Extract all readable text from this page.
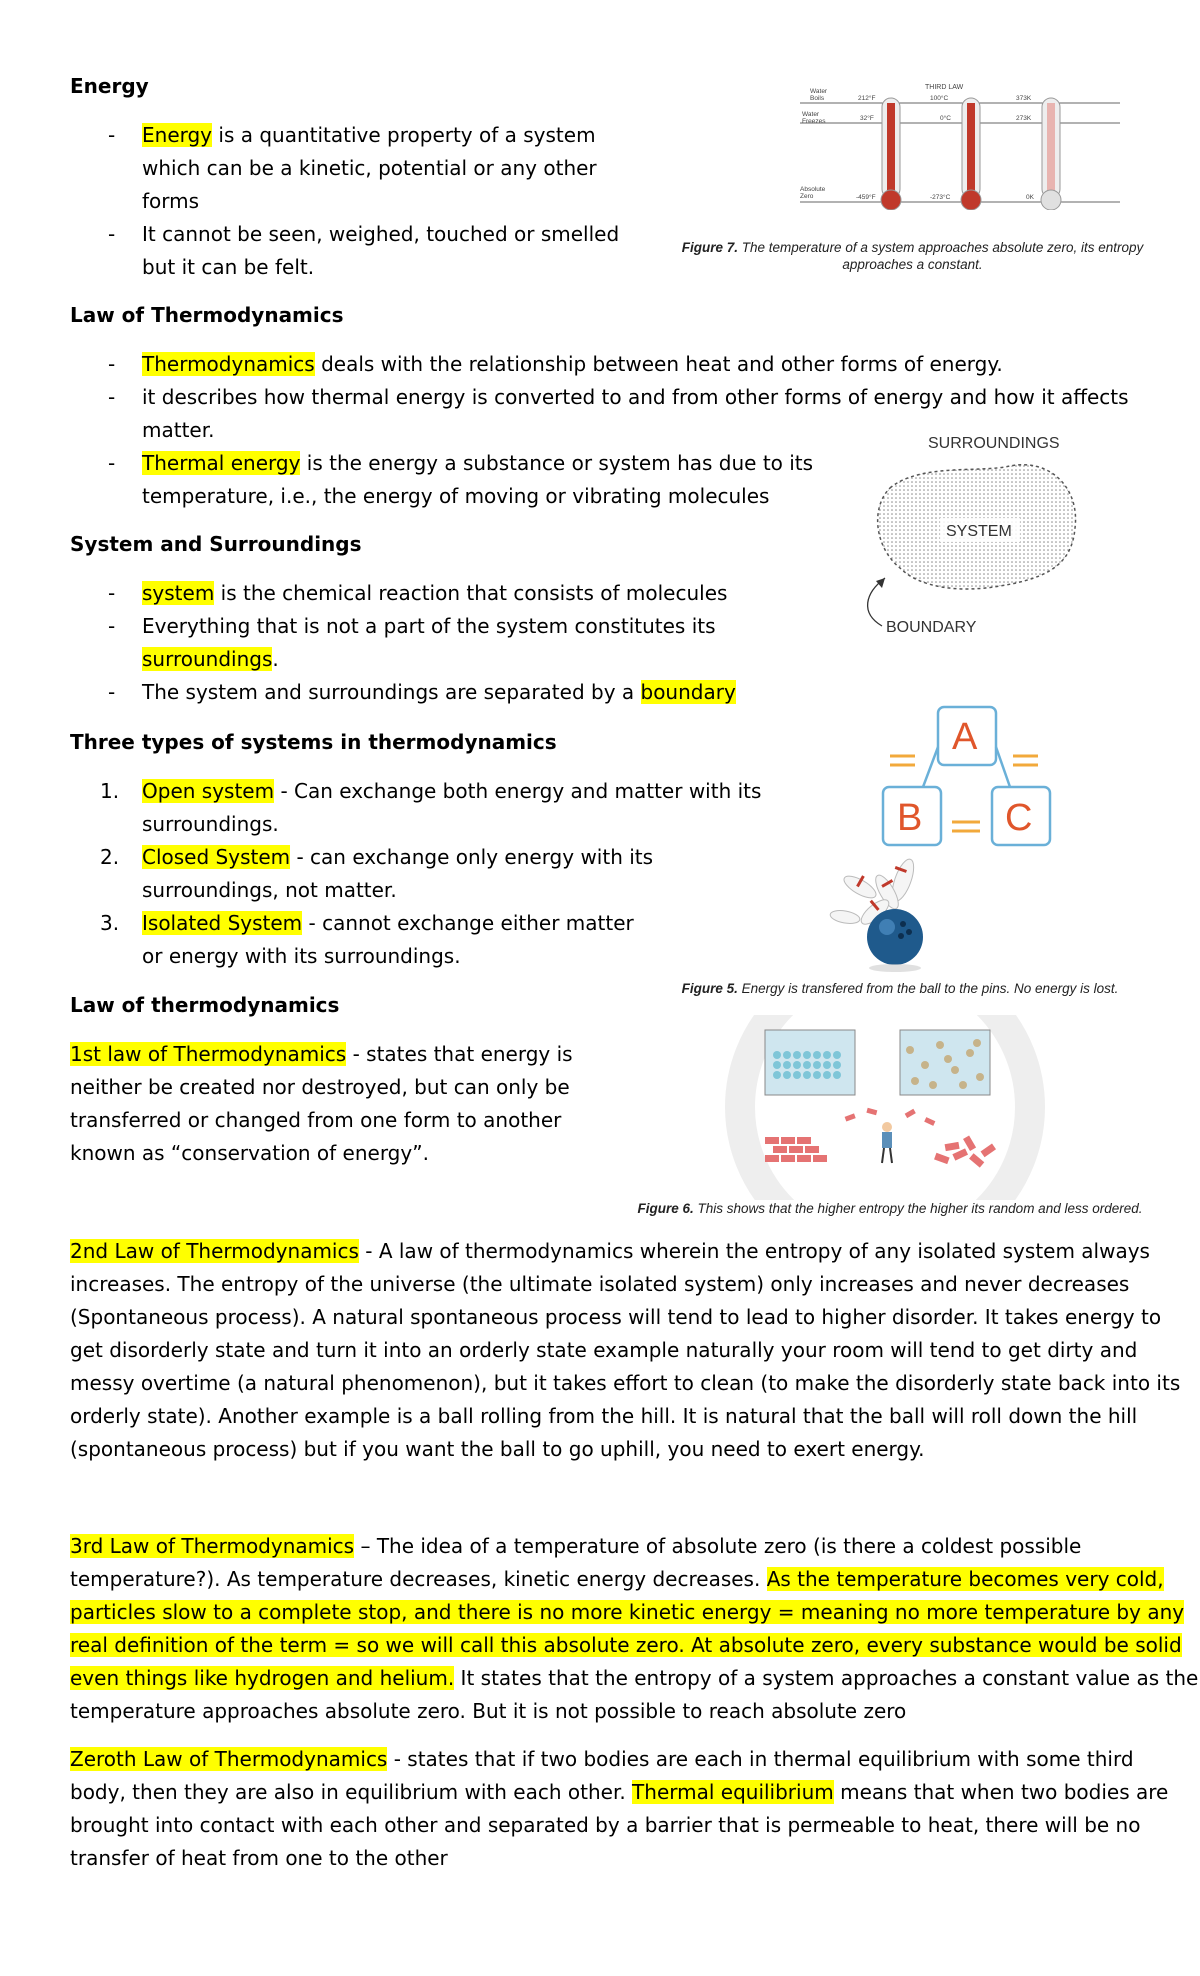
Energy
- Energy is a quantitative property of a system
which can be a kinetic, potential or any other
forms
- It cannot be seen, weighed, touched or smelled
but it can be felt.
Law of Thermodynamics
- Thermodynamics deals with the relationship between heat and other forms of energy.
- it describes how thermal energy is converted to and from other forms of energy and how it affects
matter.
- Thermal energy is the energy a substance or system has due to its
temperature, i.e., the energy of moving or vibrating molecules
System and Surroundings
- system is the chemical reaction that consists of molecules
- Everything that is not a part of the system constitutes its
surroundings.
- The system and surroundings are separated by a boundary
Three types of systems in thermodynamics
1. Open system - Can exchange both energy and matter with its
surroundings.
2. Closed System - can exchange only energy with its
surroundings, not matter.
3. Isolated System - cannot exchange either matter
or energy with its surroundings.
Law of thermodynamics
1st law of Thermodynamics - states that energy is
neither be created nor destroyed, but can only be
transferred or changed from one form to another
known as “conservation of energy”.
2nd Law of Thermodynamics - A law of thermodynamics wherein the entropy of any isolated system always
increases. The entropy of the universe (the ultimate isolated system) only increases and never decreases
(Spontaneous process). A natural spontaneous process will tend to lead to higher disorder. It takes energy to
get disorderly state and turn it into an orderly state example naturally your room will tend to get dirty and
messy overtime (a natural phenomenon), but it takes effort to clean (to make the disorderly state back into its
orderly state). Another example is a ball rolling from the hill. It is natural that the ball will roll down the hill
(spontaneous process) but if you want the ball to go uphill, you need to exert energy.
3rd Law of Thermodynamics – The idea of a temperature of absolute zero (is there a coldest possible
temperature?). As temperature decreases, kinetic energy decreases. As the temperature becomes very cold,
particles slow to a complete stop, and there is no more kinetic energy = meaning no more temperature by any
real definition of the term = so we will call this absolute zero. At absolute zero, every substance would be solid
even things like hydrogen and helium. It states that the entropy of a system approaches a constant value as the
temperature approaches absolute zero. But it is not possible to reach absolute zero
Zeroth Law of Thermodynamics - states that if two bodies are each in thermal equilibrium with some third
body, then they are also in equilibrium with each other. Thermal equilibrium means that when two bodies are
brought into contact with each other and separated by a barrier that is permeable to heat, there will be no
transfer of heat from one to the other
THIRD LAW
Water Boils
Water Freezes
Absolute Zero
212°F
32°F
-459°F
100°C
0°C
-273°C
373K
273K
0K
Figure 7. The temperature of a system approaches absolute zero, its entropy
approaches a constant.
SURROUNDINGS
SYSTEM
BOUNDARY
A
B C
Figure 5. Energy is transfered from the ball to the pins. No energy is lost.
Figure 6. This shows that the higher entropy the higher its random and less ordered.
